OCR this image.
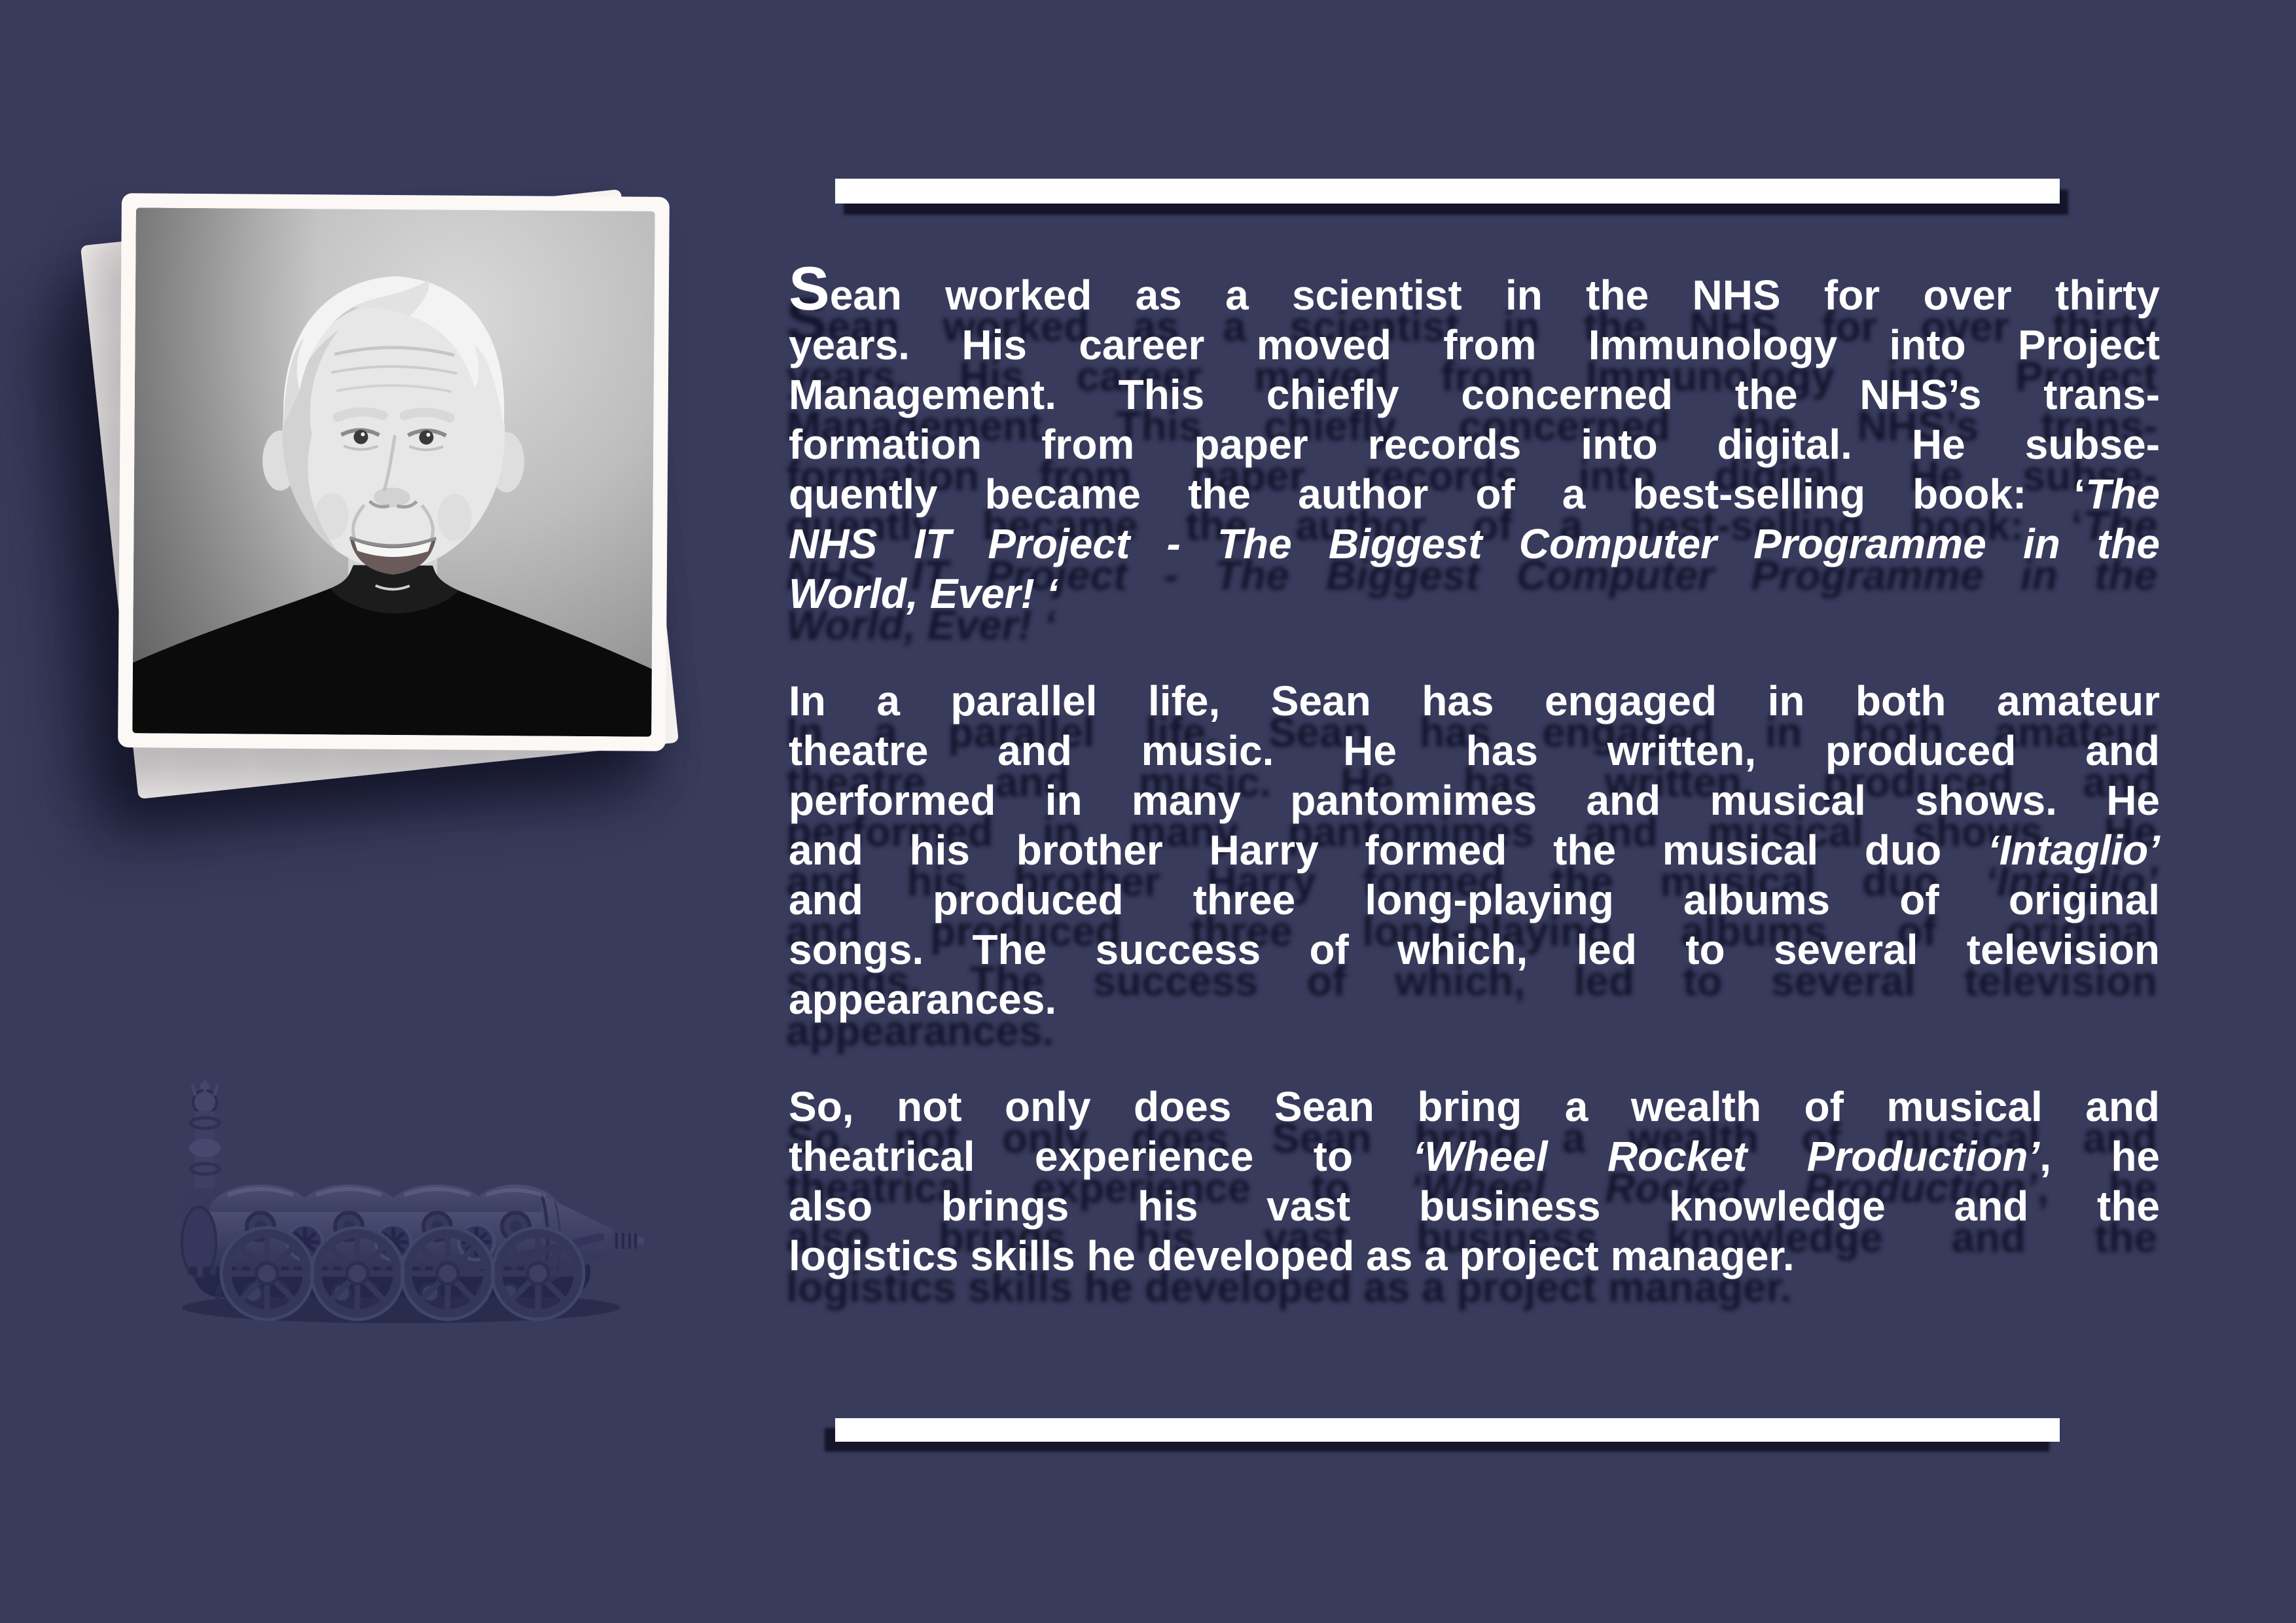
Sean worked as a scientist in the NHS for over thirty
years. His career moved from Immunology into Project
Management. This chiefly concerned the NHS’s trans-
formation from paper records into digital. He subse-
quently became the author of a best-selling book: ‘The
NHS IT Project - The Biggest Computer Programme in the
World, Ever! ‘
In a parallel life, Sean has engaged in both amateur
theatre and music. He has written, produced and
performed in many pantomimes and musical shows. He
and his brother Harry formed the musical duo ‘Intaglio’
and produced three long-playing albums of original
songs. The success of which, led to several television
appearances.
So, not only does Sean bring a wealth of musical and
theatrical experience to ‘Wheel Rocket Production’, he
also brings his vast business knowledge and the
logistics skills he developed as a project manager.
